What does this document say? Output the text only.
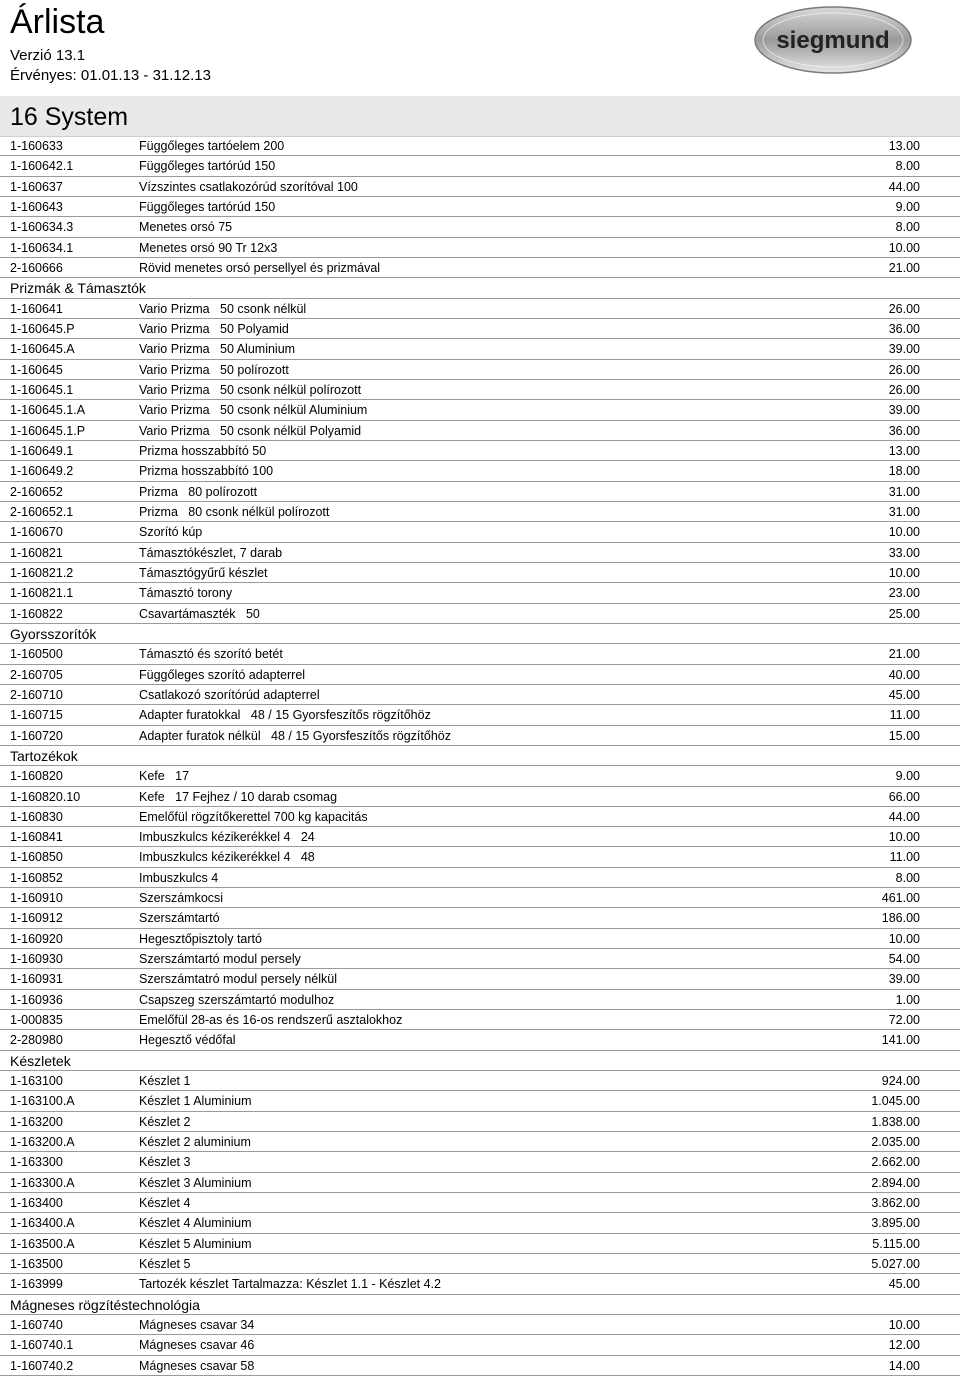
Árlista
Verzió 13.1
Érvényes: 01.01.13 - 31.12.13
siegmund
16 System
1-160633	Függőleges tartóelem 200	13.00
1-160642.1	Függőleges tartórúd 150	8.00
1-160637	Vízszintes csatlakozórúd szorítóval 100	44.00
1-160643	Függőleges tartórúd 150	9.00
1-160634.3	Menetes orsó 75	8.00
1-160634.1	Menetes orsó 90 Tr 12x3	10.00
2-160666	Rövid menetes orsó persellyel és prizmával	21.00
Prizmák & Támasztók
1-160641	Vario Prizma   50 csonk nélkül	26.00
1-160645.P	Vario Prizma   50 Polyamid	36.00
1-160645.A	Vario Prizma   50 Aluminium	39.00
1-160645	Vario Prizma   50 polírozott	26.00
1-160645.1	Vario Prizma   50 csonk nélkül polírozott	26.00
1-160645.1.A	Vario Prizma   50 csonk nélkül Aluminium	39.00
1-160645.1.P	Vario Prizma   50 csonk nélkül Polyamid	36.00
1-160649.1	Prizma hosszabbító 50	13.00
1-160649.2	Prizma hosszabbító 100	18.00
2-160652	Prizma   80 polírozott	31.00
2-160652.1	Prizma   80 csonk nélkül polírozott	31.00
1-160670	Szorító kúp	10.00
1-160821	Támasztókészlet, 7 darab	33.00
1-160821.2	Támasztógyűrű készlet	10.00
1-160821.1	Támasztó torony	23.00
1-160822	Csavartámaszték   50	25.00
Gyorsszorítók
1-160500	Támasztó és szorító betét	21.00
2-160705	Függőleges szorító adapterrel	40.00
2-160710	Csatlakozó szorítórúd adapterrel	45.00
1-160715	Adapter furatokkal   48 / 15 Gyorsfeszítős rögzítőhöz	11.00
1-160720	Adapter furatok nélkül   48 / 15 Gyorsfeszítős rögzítőhöz	15.00
Tartozékok
1-160820	Kefe   17	9.00
1-160820.10	Kefe   17 Fejhez / 10 darab csomag	66.00
1-160830	Emelőfül rögzítőkerettel 700 kg kapacitás	44.00
1-160841	Imbuszkulcs kézikerékkel 4   24	10.00
1-160850	Imbuszkulcs kézikerékkel 4   48	11.00
1-160852	Imbuszkulcs 4	8.00
1-160910	Szerszámkocsi	461.00
1-160912	Szerszámtartó	186.00
1-160920	Hegesztőpisztoly tartó	10.00
1-160930	Szerszámtartó modul persely	54.00
1-160931	Szerszámtatró modul persely nélkül	39.00
1-160936	Csapszeg szerszámtartó modulhoz	1.00
1-000835	Emelőfül 28-as és 16-os rendszerű asztalokhoz	72.00
2-280980	Hegesztő védőfal	141.00
Készletek
1-163100	Készlet 1	924.00
1-163100.A	Készlet 1 Aluminium	1.045.00
1-163200	Készlet 2	1.838.00
1-163200.A	Készlet 2 aluminium	2.035.00
1-163300	Készlet 3	2.662.00
1-163300.A	Készlet 3 Aluminium	2.894.00
1-163400	Készlet 4	3.862.00
1-163400.A	Készlet 4 Aluminium	3.895.00
1-163500.A	Készlet 5 Aluminium	5.115.00
1-163500	Készlet 5	5.027.00
1-163999	Tartozék készlet Tartalmazza: Készlet 1.1 - Készlet 4.2	45.00
Mágneses rögzítéstechnológia
1-160740	Mágneses csavar 34	10.00
1-160740.1	Mágneses csavar 46	12.00
1-160740.2	Mágneses csavar 58	14.00
